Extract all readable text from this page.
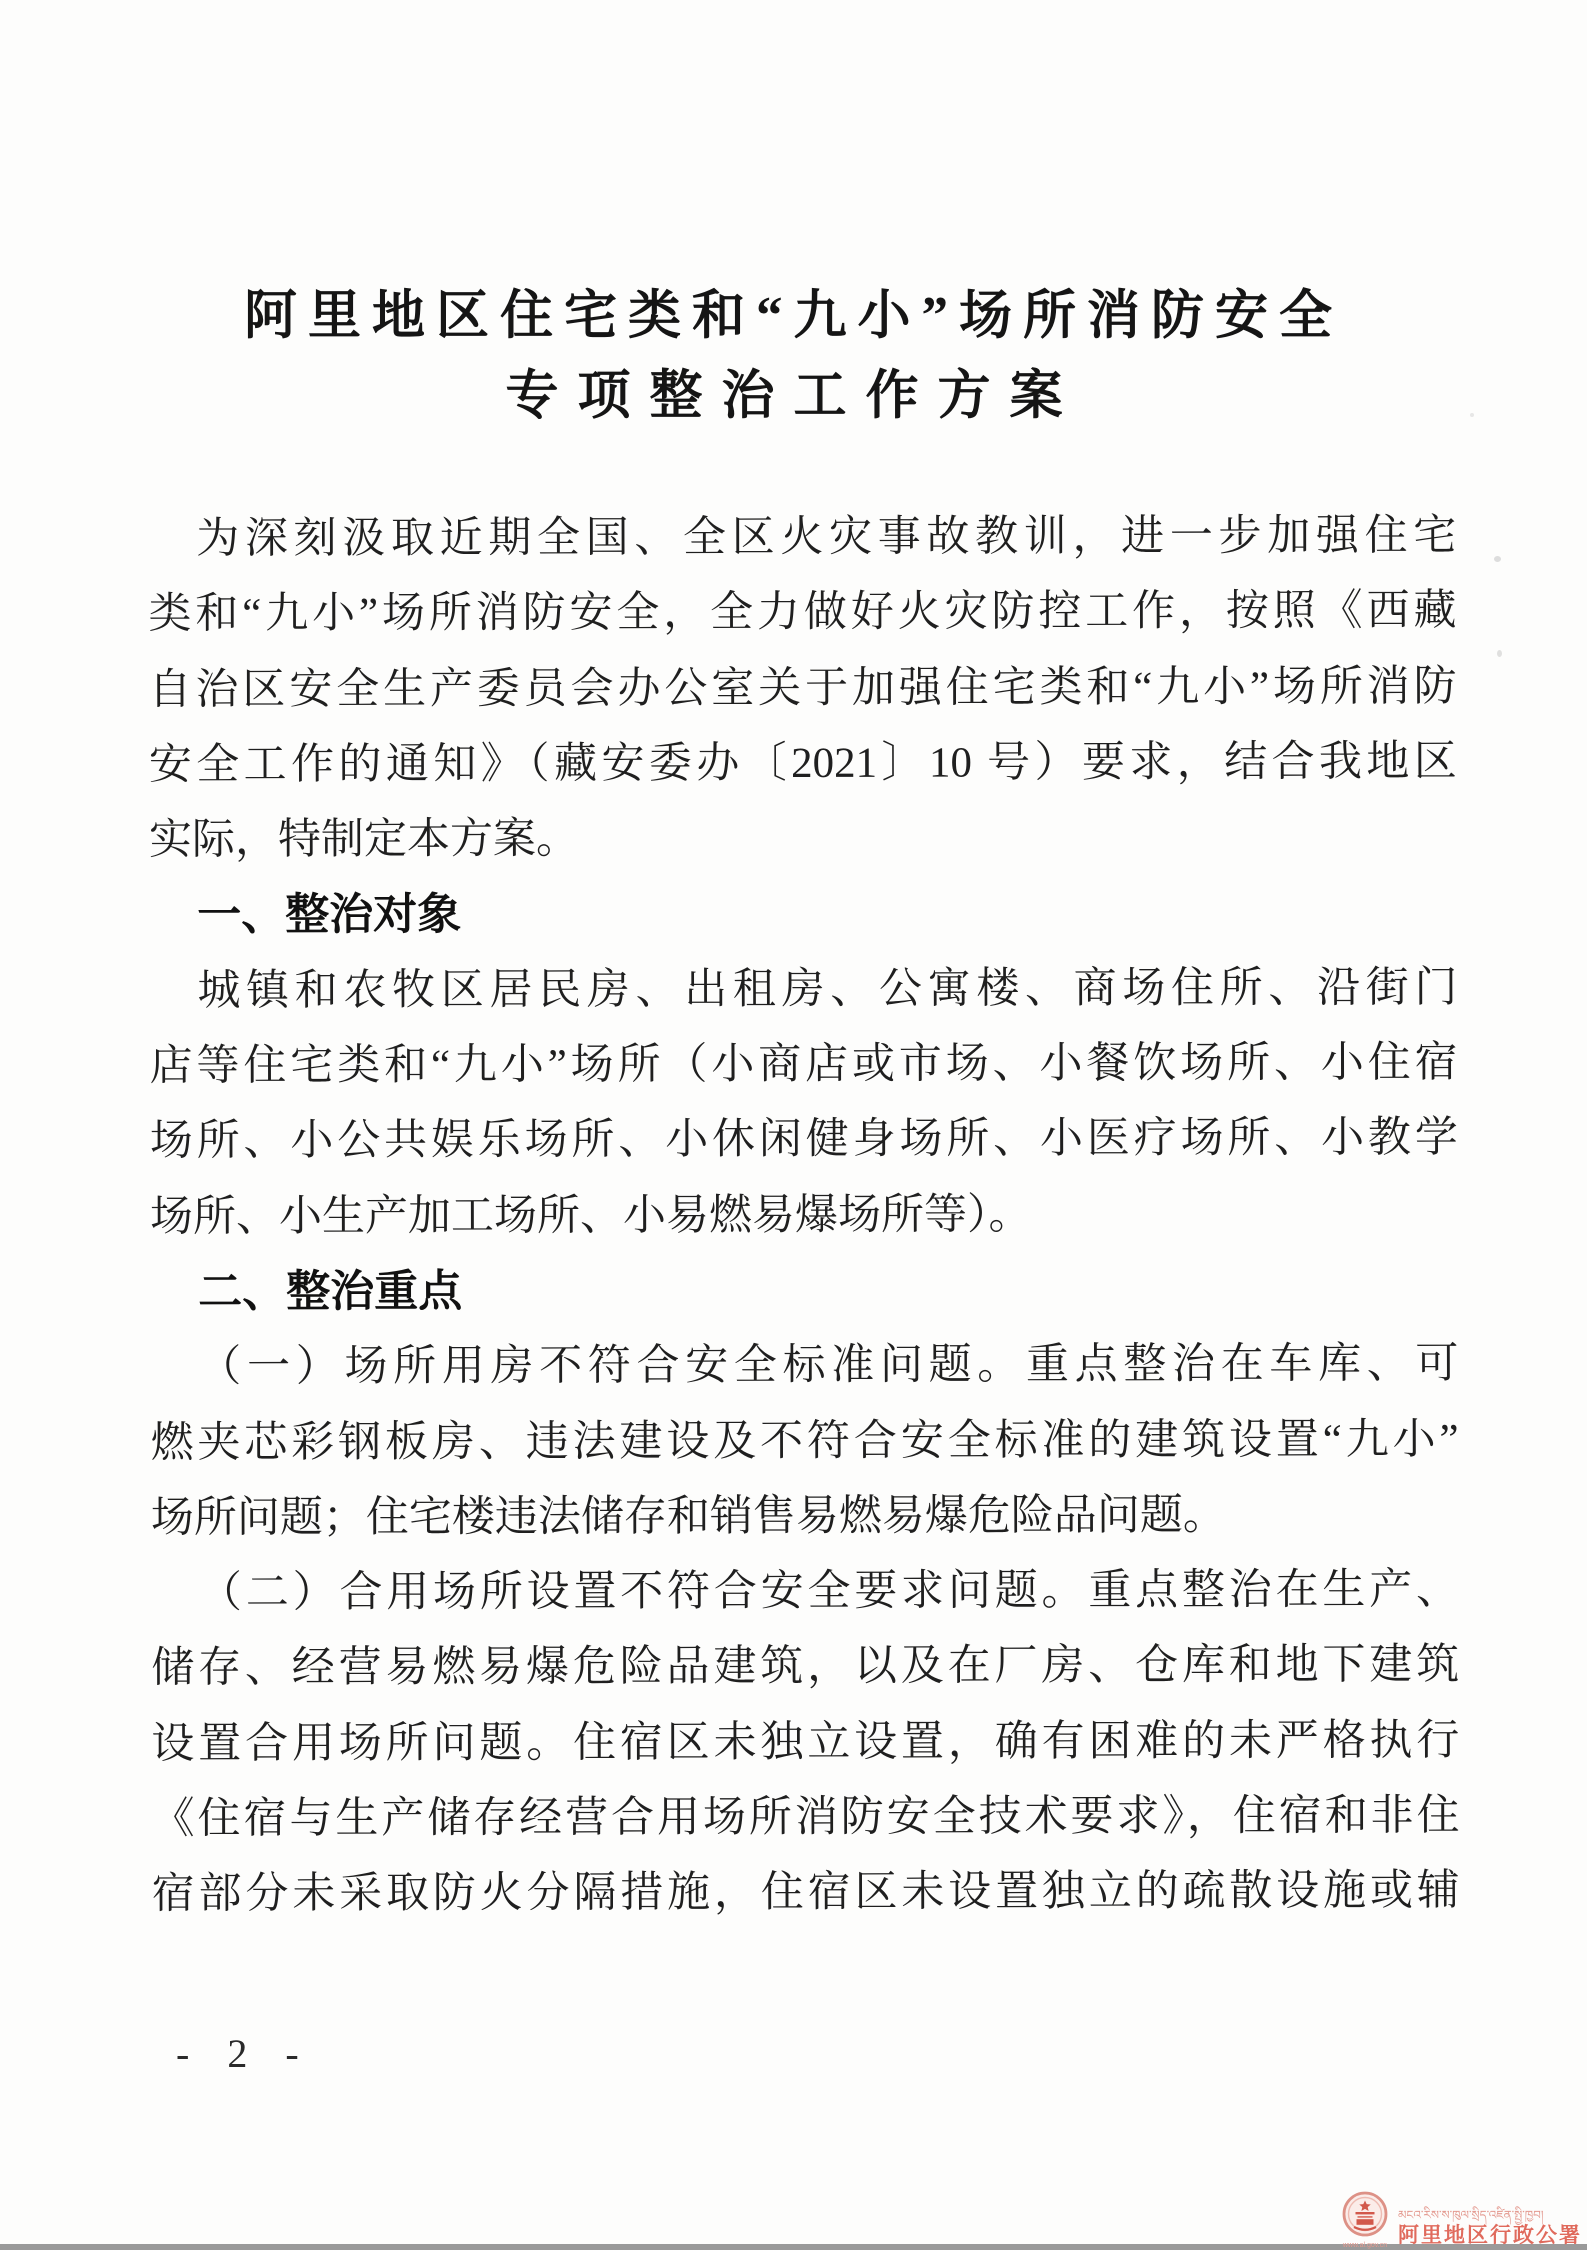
阿里地区住宅类和“九小”场所消防安全
专项整治工作方案
为深刻汲取近期全国、全区火灾事故教训，进一步加强住宅
类和“九小”场所消防安全，全力做好火灾防控工作，按照《西藏
自治区安全生产委员会办公室关于加强住宅类和“九小”场所消防
安全工作的通知》（藏安委办〔2021〕10 号）要求，结合我地区
实际，特制定本方案。
一、整治对象
城镇和农牧区居民房、出租房、公寓楼、商场住所、沿街门
店等住宅类和“九小”场所（小商店或市场、小餐饮场所、小住宿
场所、小公共娱乐场所、小休闲健身场所、小医疗场所、小教学
场所、小生产加工场所、小易燃易爆场所等）。
二、整治重点
（一）场所用房不符合安全标准问题。重点整治在车库、可
燃夹芯彩钢板房、违法建设及不符合安全标准的建筑设置“九小”
场所问题；住宅楼违法储存和销售易燃易爆危险品问题。
（二）合用场所设置不符合安全要求问题。重点整治在生产、
储存、经营易燃易爆危险品建筑，以及在厂房、仓库和地下建筑
设置合用场所问题。住宿区未独立设置，确有困难的未严格执行
《住宿与生产储存经营合用场所消防安全技术要求》，住宿和非住
宿部分未采取防火分隔措施，住宿区未设置独立的疏散设施或辅
- 2 -
www.al.gov.cn
མངའ་རིས་ས་ཁུལ་སྲིད་འཛིན་སྤྱི་ཁྱབ།
阿里地区行政公署
